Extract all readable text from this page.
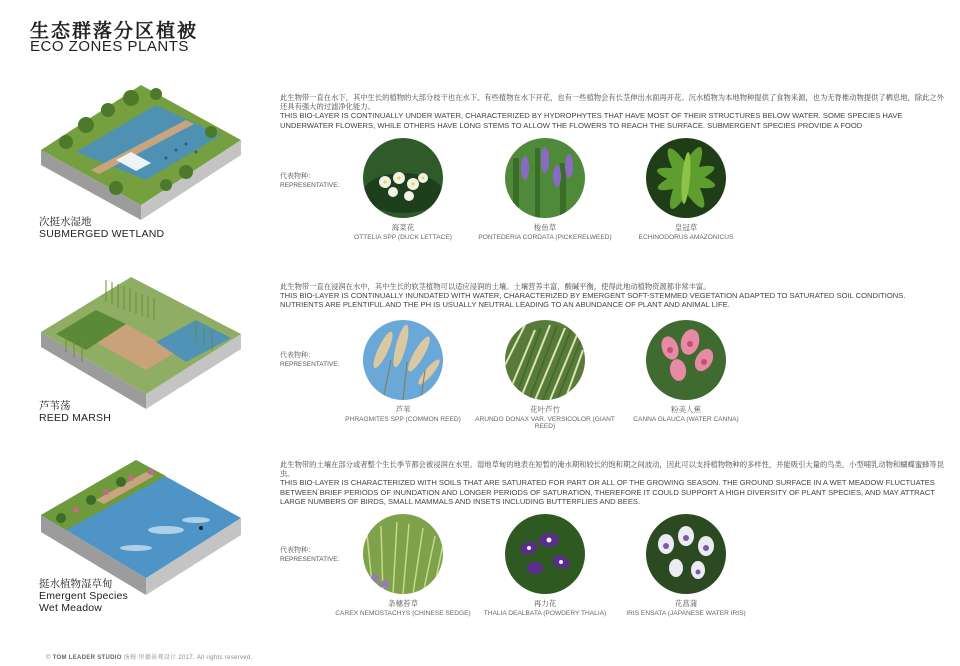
生态群落分区植被
ECO ZONES PLANTS
次挺水湿地
SUBMERGED WETLAND
此生物带一直在水下，其中生长的植物的大部分枝干也在水下。有些植物在水下开花，也有一些植物会有长茎伸出水面再开花。沉水植物为本地物种提供了食物来源，也为无脊椎动物提供了栖息地，除此之外还具有强大的过滤净化能力。
THIS BIO-LAYER IS CONTINUALLY UNDER WATER, CHARACTERIZED BY HYDROPHYTES THAT HAVE MOST OF THEIR STRUCTURES BELOW WATER. SOME SPECIES HAVE UNDERWATER FLOWERS, WHILE OTHERS HAVE LONG STEMS TO ALLOW THE FLOWERS TO REACH THE SURFACE. SUBMERGENT SPECIES PROVIDE A FOOD
代表物种：
REPRESENTATIVE:
海菜花
OTTELIA SPP (DUCK LETTACE)
梭鱼草
PONTEDERIA CORDATA (PICKERELWEED)
皇冠草
ECHINODORUS AMAZONICUS
芦苇荡
REED MARSH
此生物带一直在浸润在水中，其中生长的软茎植物可以适应浸润的土壤。土壤营养丰富，酸碱平衡，使得此地动植物资源都非常丰富。
THIS BIO-LAYER IS CONTINUALLY INUNDATED WITH WATER, CHARACTERIZED BY EMERGENT SOFT-STEMMED VEGETATION ADAPTED TO SATURATED SOIL CONDITIONS. NUTRIENTS ARE PLENTIFUL AND THE PH IS USUALLY NEUTRAL LEADING TO AN ABUNDANCE OF PLANT AND ANIMAL LIFE.
代表物种：
REPRESENTATIVE:
芦苇
PHRAGMITES SPP (COMMON REED)
花叶芦竹
ARUNDO DONAX VAR. VERSICOLOR (GIANT REED)
粉美人蕉
CANNA GLAUCA (WATER CANNA)
挺水植物湿草甸
Emergent Species
Wet Meadow
此生物带的土壤在部分或者整个生长季节都会被浸润在水里。湿地草甸的地表在短暂的淹水期和较长的饱和期之间波动，因此可以支持植物物种的多样性，并能吸引大量的鸟类，小型哺乳动物和蝴蝶蜜蜂等昆虫。
THIS BIO-LAYER IS CHARACTERIZED WITH SOILS THAT ARE SATURATED FOR PART OR ALL OF THE GROWING SEASON. THE GROUND SURFACE IN A WET MEADOW FLUCTUATES BETWEEN BRIEF PERIODS OF INUNDATION AND LONGER PERIODS OF SATURATION, THEREFORE IT COULD SUPPORT A HIGH DIVERSITY OF PLANT SPECIES, AND MAY ATTRACT LARGE NUMBERS OF BIRDS, SMALL MAMMALS AND INSETS INCLUDING BUTTERFLIES AND BEES.
代表物种：
REPRESENTATIVE:
条穗苔草
CAREX NEMOSTACHYS (CHINESE SEDGE)
再力花
THALIA DEALBATA (POWDERY THALIA)
花菖蒲
IRIS ENSATA (JAPANESE WATER IRIS)
© TOM LEADER STUDIO 汤姆·里德景观设计 2017. All rights reserved.
